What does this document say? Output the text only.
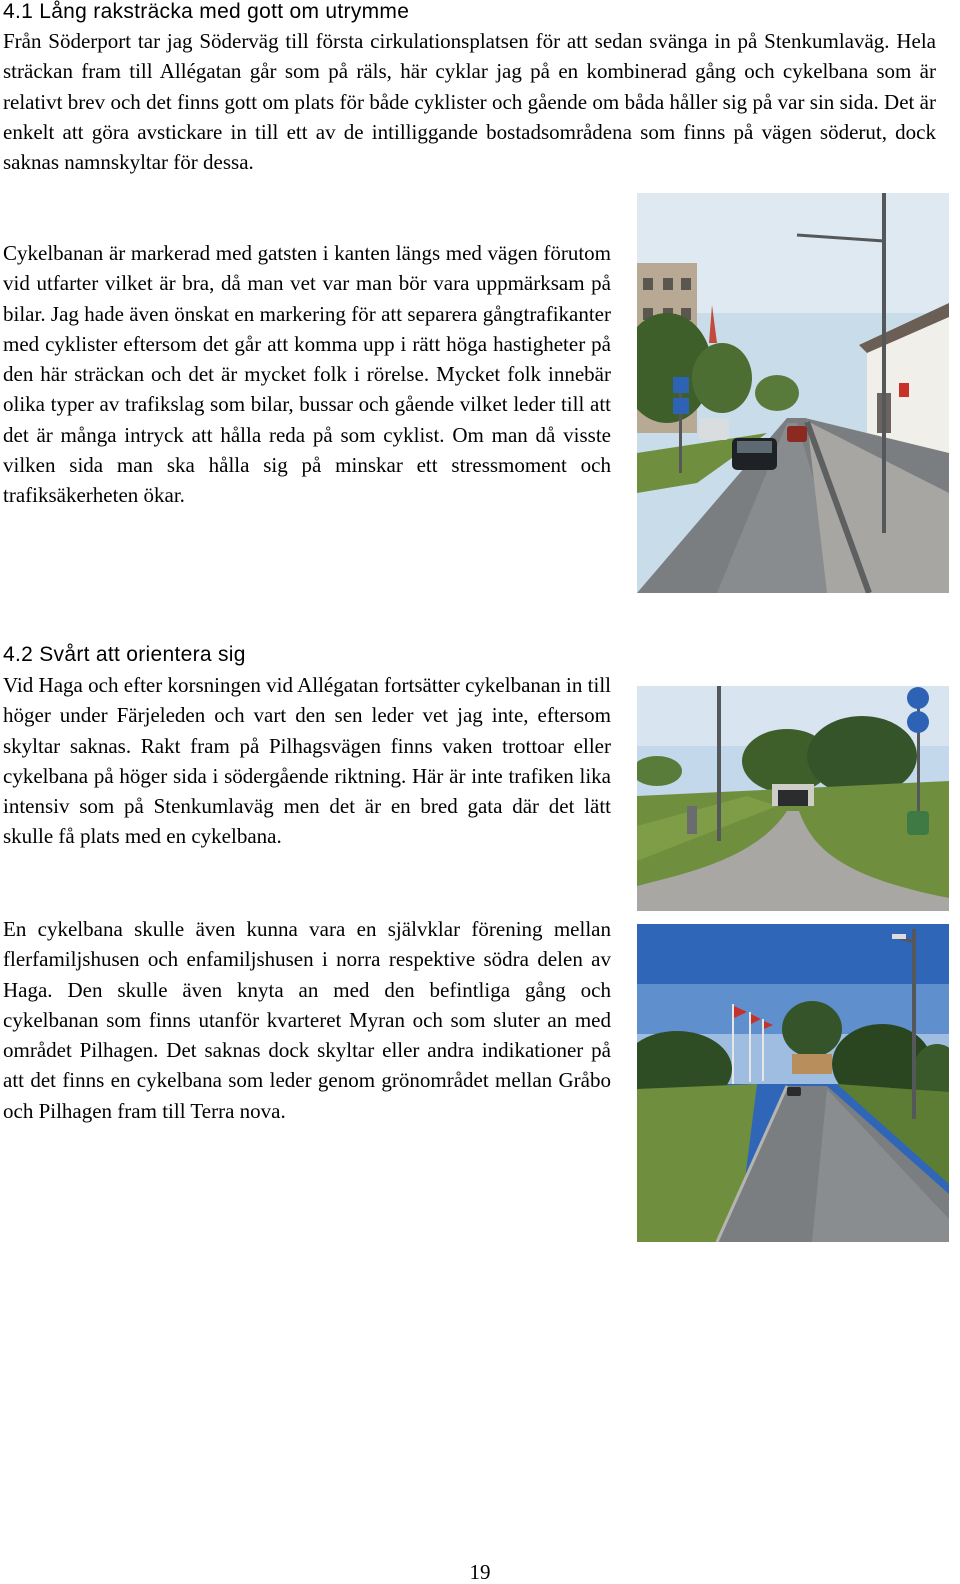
4.1 Lång raksträcka med gott om utrymme

Från Söderport tar jag Söderväg till första cirkulationsplatsen för att sedan svänga in på Stenkumlaväg. Hela sträckan fram till Allégatan går som på räls, här cyklar jag på en kombinerad gång och cykelbana som är relativt brev och det finns gott om plats för både cyklister och gående om båda håller sig på var sin sida. Det är enkelt att göra avstickare in till ett av de intilliggande bostadsområdena som finns på vägen söderut, dock saknas namnskyltar för dessa.

Cykelbanan är markerad med gatsten i kanten längs med vägen förutom vid utfarter vilket är bra, då man vet var man bör vara uppmärksam på bilar. Jag hade även önskat en markering för att separera gångtrafikanter med cyklister eftersom det går att komma upp i rätt höga hastigheter på den här sträckan och det är mycket folk i rörelse. Mycket folk innebär olika typer av trafikslag som bilar, bussar och gående vilket leder till att det är många intryck att hålla reda på som cyklist. Om man då visste vilken sida man ska hålla sig på minskar ett stressmoment och trafiksäkerheten ökar.

4.2 Svårt att orientera sig

Vid Haga och efter korsningen vid Allégatan fortsätter cykelbanan in till höger under Färjeleden och vart den sen leder vet jag inte, eftersom skyltar saknas. Rakt fram på Pilhagsvägen finns vaken trottoar eller cykelbana på höger sida i södergående riktning. Här är inte trafiken lika intensiv som på Stenkumlaväg men det är en bred gata där det lätt skulle få plats med en cykelbana.

En cykelbana skulle även kunna vara en självklar förening mellan flerfamiljshusen och enfamiljshusen i norra respektive södra delen av Haga. Den skulle även knyta an med den befintliga gång och cykelbanan som finns utanför kvarteret Myran och som sluter an med området Pilhagen. Det saknas dock skyltar eller andra indikationer på att det finns en cykelbana som leder genom grönområdet mellan Gråbo och Pilhagen fram till Terra nova.

19
